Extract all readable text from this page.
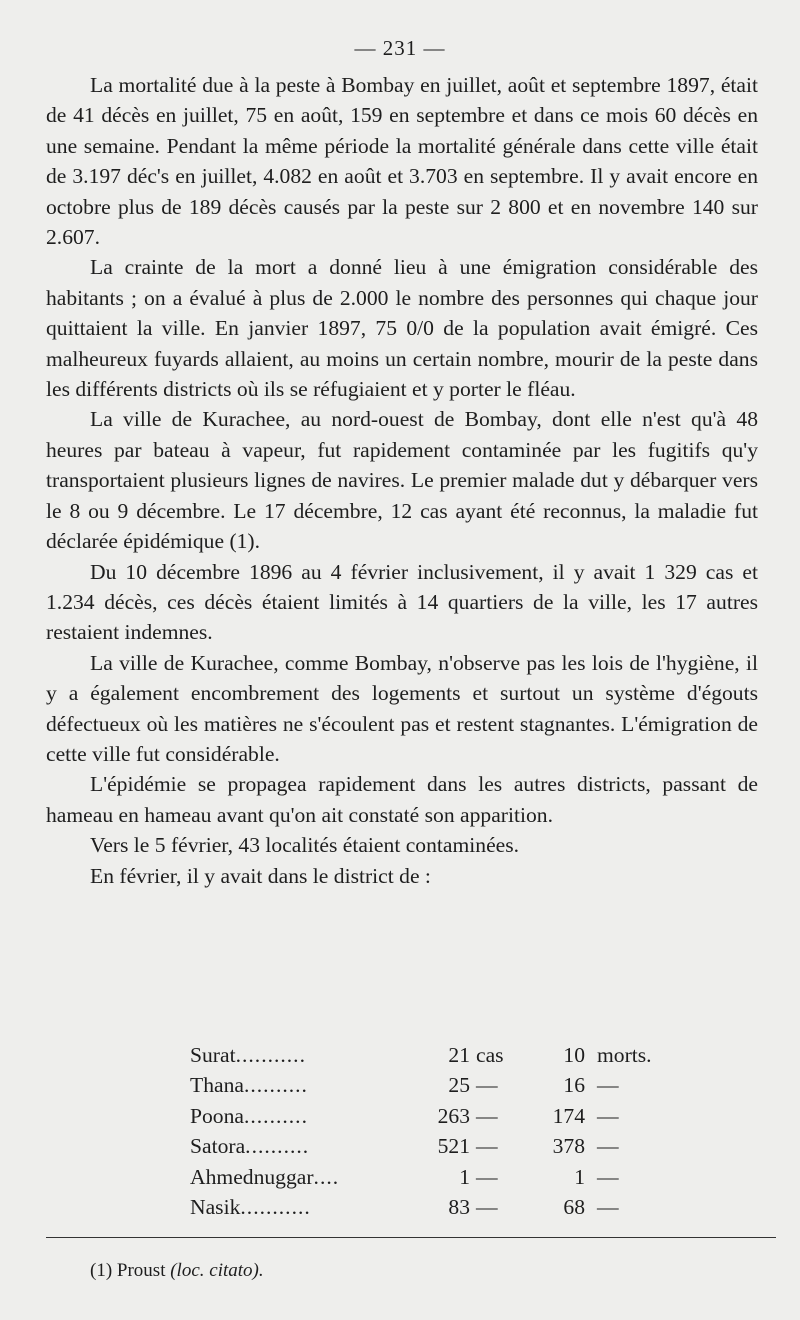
— 231 —

La mortalité due à la peste à Bombay en juillet, août et septembre 1897, était de 41 décès en juillet, 75 en août, 159 en septembre et dans ce mois 60 décès en une semaine. Pendant la même période la mortalité générale dans cette ville était de 3.197 déc's en juillet, 4.082 en août et 3.703 en septembre. Il y avait encore en octobre plus de 189 décès causés par la peste sur 2 800 et en novembre 140 sur 2.607.

La crainte de la mort a donné lieu à une émigration considérable des habitants ; on a évalué à plus de 2.000 le nombre des personnes qui chaque jour quittaient la ville. En janvier 1897, 75 0/0 de la population avait émigré. Ces malheureux fuyards allaient, au moins un certain nombre, mourir de la peste dans les différents districts où ils se réfugiaient et y porter le fléau.

La ville de Kurachee, au nord-ouest de Bombay, dont elle n'est qu'à 48 heures par bateau à vapeur, fut rapidement contaminée par les fugitifs qu'y transportaient plusieurs lignes de navires. Le premier malade dut y débarquer vers le 8 ou 9 décembre. Le 17 décembre, 12 cas ayant été reconnus, la maladie fut déclarée épidémique (1).

Du 10 décembre 1896 au 4 février inclusivement, il y avait 1 329 cas et 1.234 décès, ces décès étaient limités à 14 quartiers de la ville, les 17 autres restaient indemnes.

La ville de Kurachee, comme Bombay, n'observe pas les lois de l'hygiène, il y a également encombrement des logements et surtout un système d'égouts défectueux où les matières ne s'écoulent pas et restent stagnantes. L'émigration de cette ville fut considérable.

L'épidémie se propagea rapidement dans les autres districts, passant de hameau en hameau avant qu'on ait constaté son apparition.

Vers le 5 février, 43 localités étaient contaminées.

En février, il y avait dans le district de :

Surat...........	21 cas	10 morts.
Thana..........	25 —	16 —
Poona..........	263 —	174 —
Satora..........	521 —	378 —
Ahmednuggar....	1 —	1 —
Nasik...........	83 —	68 —
(1) Proust (loc. citato).
